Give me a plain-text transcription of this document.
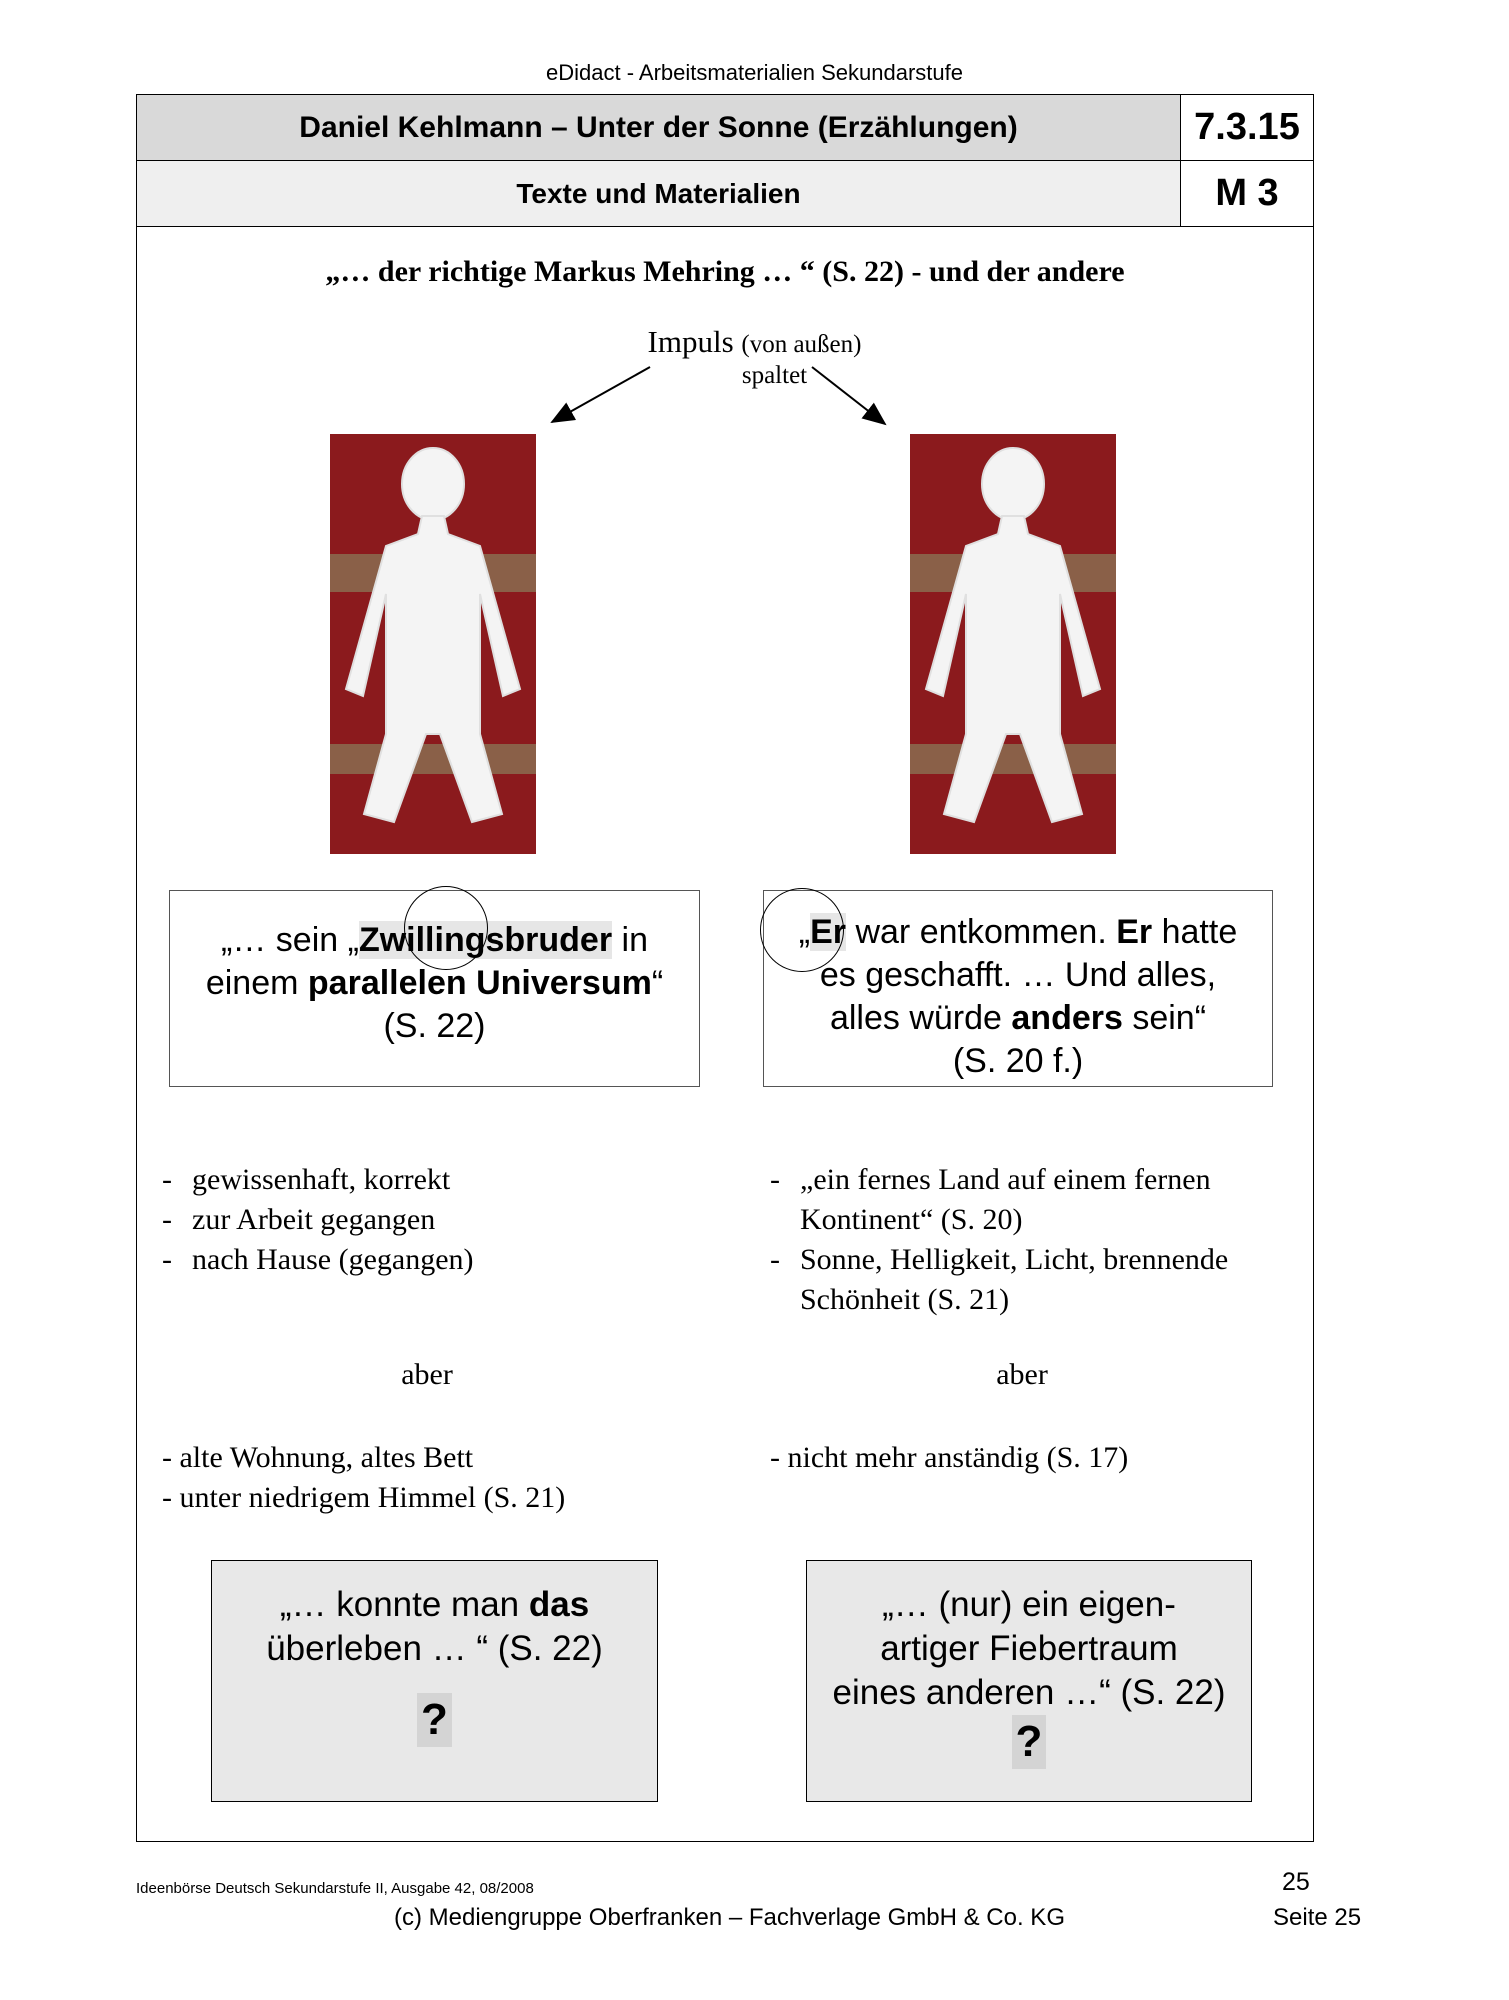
eDidact - Arbeitsmaterialien Sekundarstufe
Daniel Kehlmann – Unter der Sonne (Erzählungen)	7.3.15
Texte und Materialien	M 3
„… der richtige Markus Mehring … “ (S. 22) - und der andere
Impuls (von außen)
spaltet
„… sein „Zwillingsbruder in
einem parallelen Universum“
(S. 22)
„Er war entkommen. Er hatte
es geschafft. … Und alles,
alles würde anders sein“
(S. 20 f.)
- gewissenhaft, korrekt
- zur Arbeit gegangen
- nach Hause (gegangen)
- „ein fernes Land auf einem fernen Kontinent“ (S. 20)
- Sonne, Helligkeit, Licht, brennende Schönheit (S. 21)
aber	aber
- alte Wohnung, altes Bett
- unter niedrigem Himmel (S. 21)
- nicht mehr anständig (S. 17)
„… konnte man das
überleben … “ (S. 22)
?
„… (nur) ein eigen-
artiger Fiebertraum
eines anderen …“ (S. 22)
?
Ideenbörse Deutsch Sekundarstufe II, Ausgabe 42, 08/2008	25
(c) Mediengruppe Oberfranken – Fachverlage GmbH & Co. KG	Seite 25
